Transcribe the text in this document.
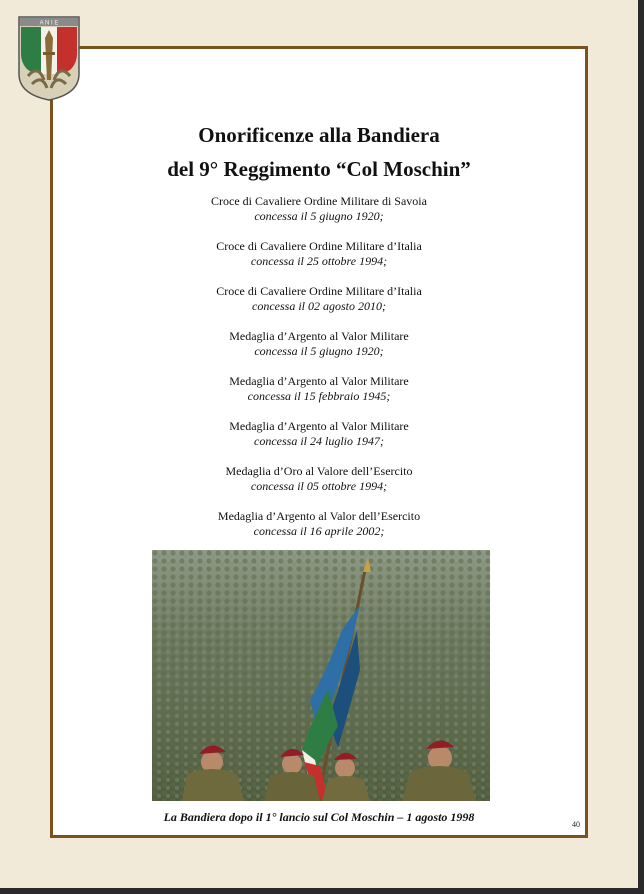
A N I E
Onorificenze alla Bandiera
del 9° Reggimento “Col Moschin”
Croce di Cavaliere Ordine Militare di Savoia
concessa il 5 giugno 1920;
Croce di Cavaliere Ordine Militare d’Italia
concessa il 25 ottobre 1994;
Croce di Cavaliere Ordine Militare d’Italia
concessa il 02 agosto 2010;
Medaglia d’Argento al Valor Militare
concessa il 5 giugno 1920;
Medaglia d’Argento al Valor Militare
concessa il 15 febbraio 1945;
Medaglia d’Argento al Valor Militare
concessa il 24 luglio 1947;
Medaglia d’Oro al Valore dell’Esercito
concessa il 05 ottobre 1994;
Medaglia d’Argento al Valor dell’Esercito
concessa il 16 aprile 2002;
La Bandiera dopo il 1° lancio sul Col Moschin – 1 agosto 1998
40
